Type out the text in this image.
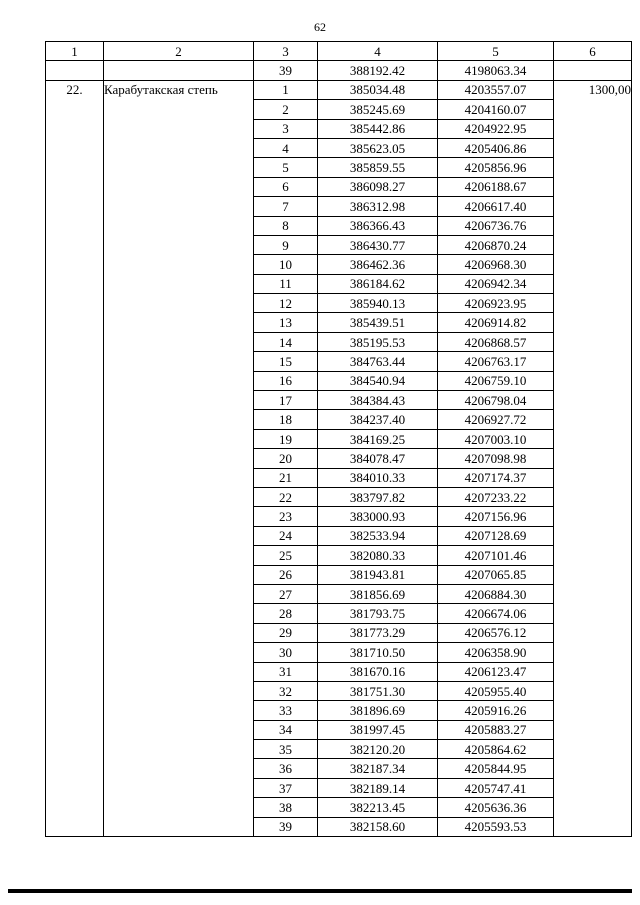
62
1	2	3	4	5	6
		39	388192.42	4198063.34	
22.	Карабутакская степь	1	385034.48	4203557.07	1300,00
		2	385245.69	4204160.07	
		3	385442.86	4204922.95	
		4	385623.05	4205406.86	
		5	385859.55	4205856.96	
		6	386098.27	4206188.67	
		7	386312.98	4206617.40	
		8	386366.43	4206736.76	
		9	386430.77	4206870.24	
		10	386462.36	4206968.30	
		11	386184.62	4206942.34	
		12	385940.13	4206923.95	
		13	385439.51	4206914.82	
		14	385195.53	4206868.57	
		15	384763.44	4206763.17	
		16	384540.94	4206759.10	
		17	384384.43	4206798.04	
		18	384237.40	4206927.72	
		19	384169.25	4207003.10	
		20	384078.47	4207098.98	
		21	384010.33	4207174.37	
		22	383797.82	4207233.22	
		23	383000.93	4207156.96	
		24	382533.94	4207128.69	
		25	382080.33	4207101.46	
		26	381943.81	4207065.85	
		27	381856.69	4206884.30	
		28	381793.75	4206674.06	
		29	381773.29	4206576.12	
		30	381710.50	4206358.90	
		31	381670.16	4206123.47	
		32	381751.30	4205955.40	
		33	381896.69	4205916.26	
		34	381997.45	4205883.27	
		35	382120.20	4205864.62	
		36	382187.34	4205844.95	
		37	382189.14	4205747.41	
		38	382213.45	4205636.36	
		39	382158.60	4205593.53	
